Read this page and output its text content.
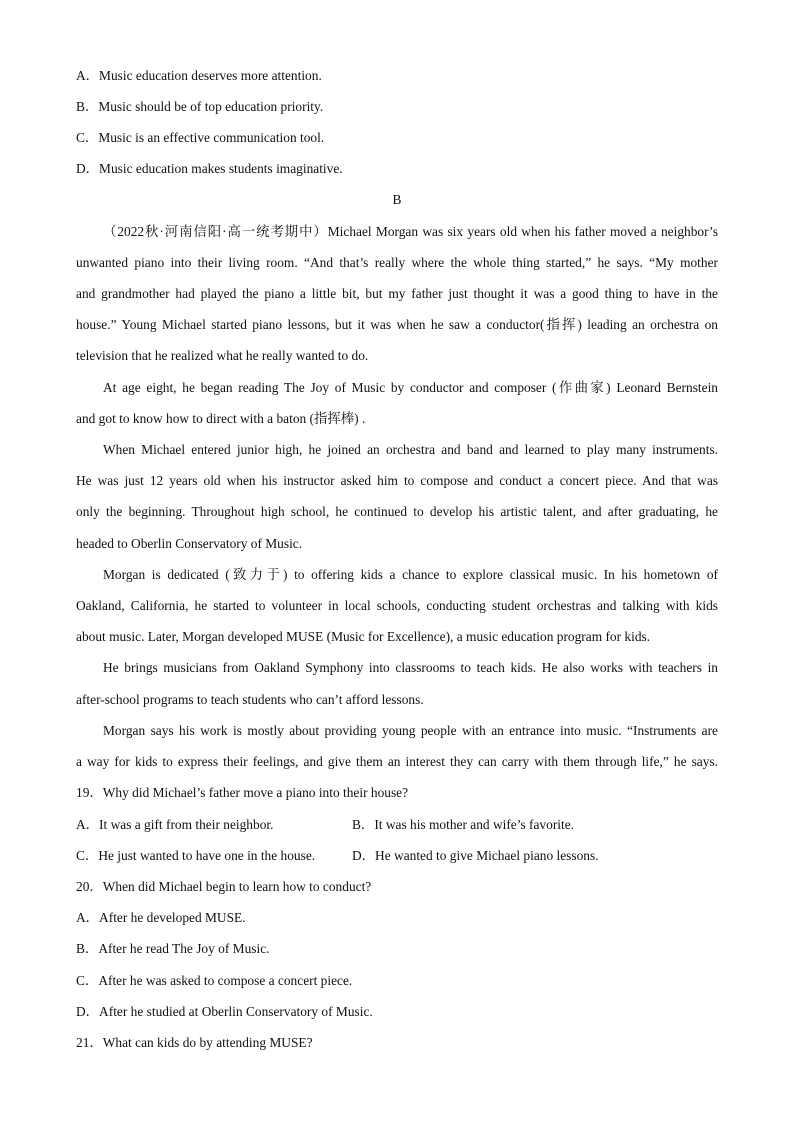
A．Music education deserves more attention.
B．Music should be of top education priority.
C．Music is an effective communication tool.
D．Music education makes students imaginative.
B
（2022秋·河南信阳·高一统考期中）Michael Morgan was six years old when his father moved a neighbor’s
unwanted piano into their living room. “And that’s really where the whole thing started,” he says. “My mother
and grandmother had played the piano a little bit, but my father just thought it was a good thing to have in the
house.” Young Michael started piano lessons, but it was when he saw a conductor(指挥) leading an orchestra on
television that he realized what he really wanted to do.
At age eight, he began reading The Joy of Music by conductor and composer (作曲家) Leonard Bernstein
and got to know how to direct with a baton (指挥棒) .
When Michael entered junior high, he joined an orchestra and band and learned to play many instruments.
He was just 12 years old when his instructor asked him to compose and conduct a concert piece. And that was
only the beginning. Throughout high school, he continued to develop his artistic talent, and after graduating, he
headed to Oberlin Conservatory of Music.
Morgan is dedicated (致力于) to offering kids a chance to explore classical music. In his hometown of
Oakland, California, he started to volunteer in local schools, conducting student orchestras and talking with kids
about music. Later, Morgan developed MUSE (Music for Excellence), a music education program for kids.
He brings musicians from Oakland Symphony into classrooms to teach kids. He also works with teachers in
after-school programs to teach students who can’t afford lessons.
Morgan says his work is mostly about providing young people with an entrance into music. “Instruments are
a way for kids to express their feelings, and give them an interest they can carry with them through life,” he says.
19．Why did Michael’s father move a piano into their house?
A．It was a gift from their neighbor.	B．It was his mother and wife’s favorite.
C．He just wanted to have one in the house.	D．He wanted to give Michael piano lessons.
20．When did Michael begin to learn how to conduct?
A．After he developed MUSE.
B．After he read The Joy of Music.
C．After he was asked to compose a concert piece.
D．After he studied at Oberlin Conservatory of Music.
21．What can kids do by attending MUSE?
